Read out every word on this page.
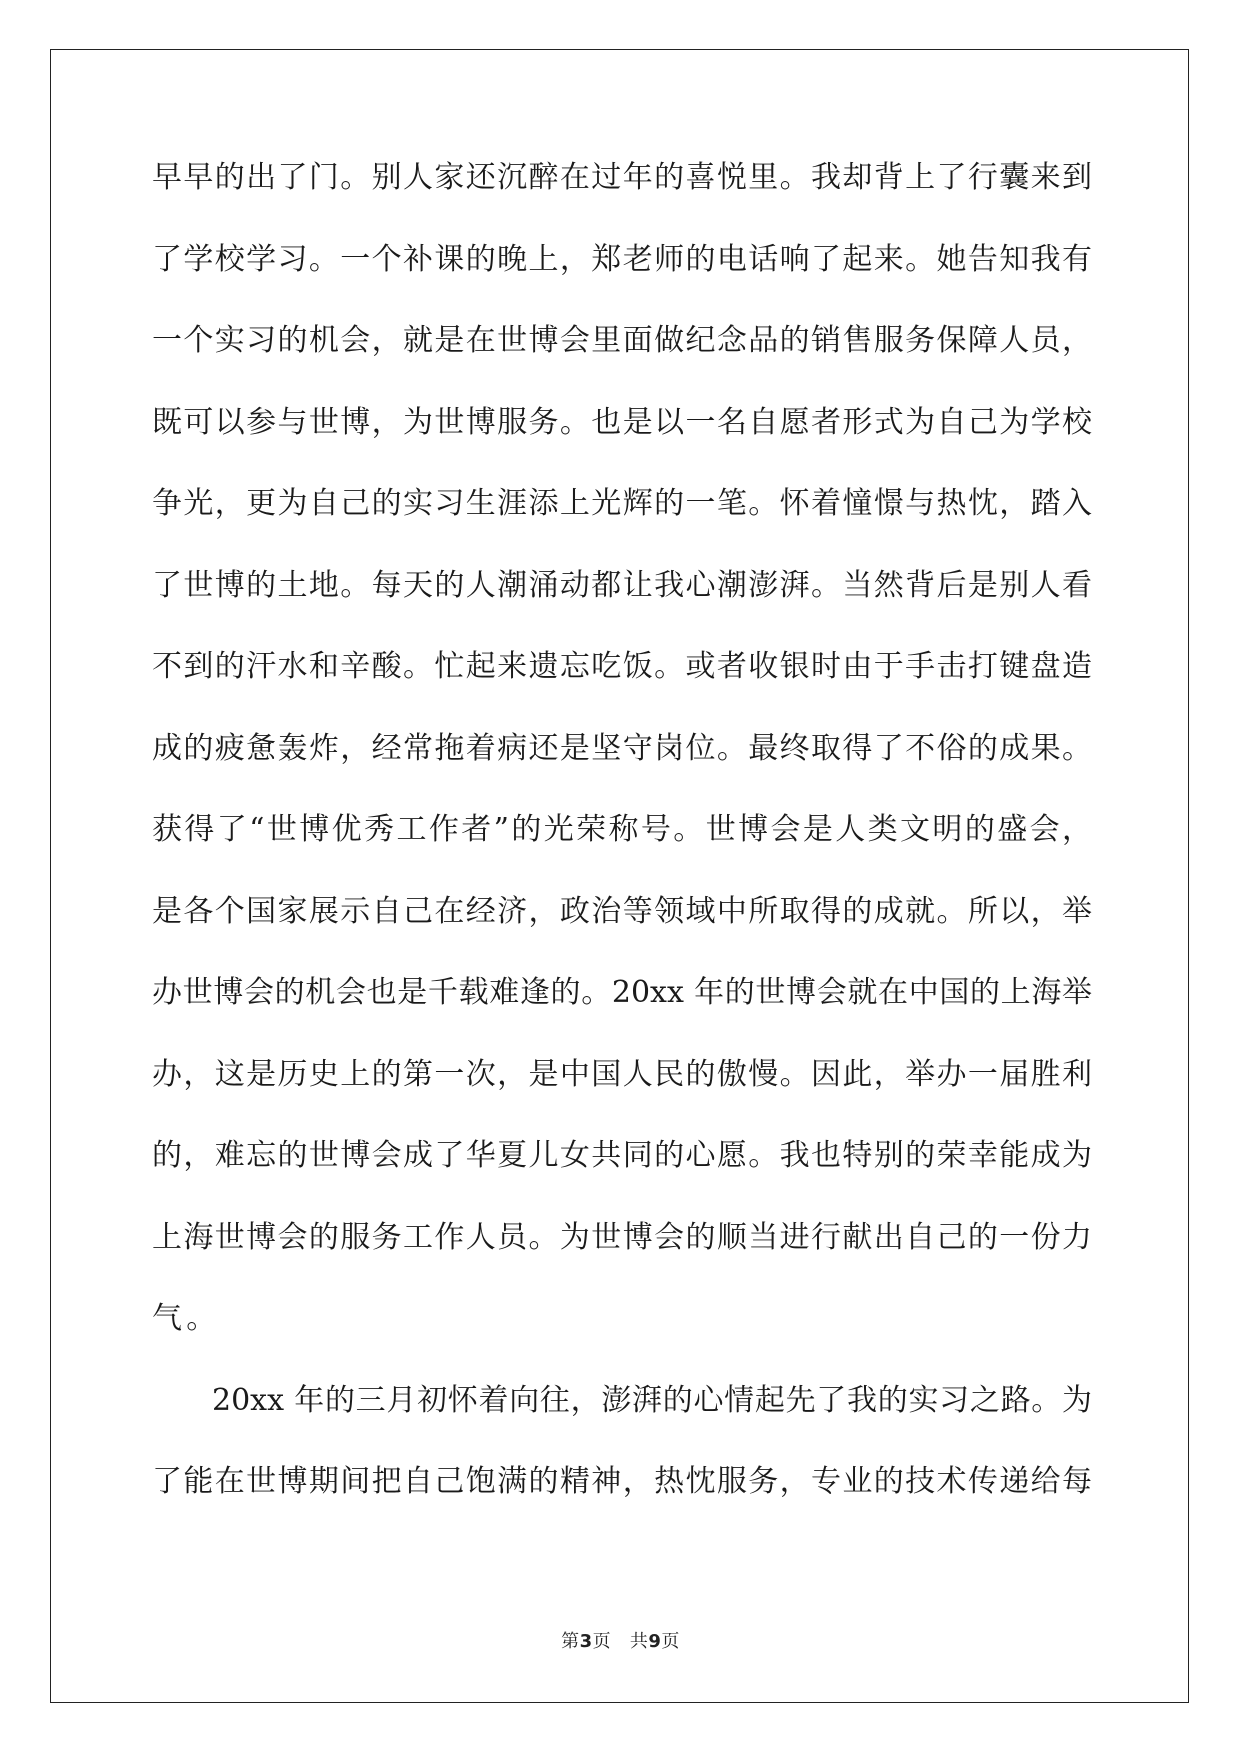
早早的出了门。别人家还沉醉在过年的喜悦里。我却背上了行囊来到
了学校学习。一个补课的晚上，郑老师的电话响了起来。她告知我有
一个实习的机会，就是在世博会里面做纪念品的销售服务保障人员，
既可以参与世博，为世博服务。也是以一名自愿者形式为自己为学校
争光，更为自己的实习生涯添上光辉的一笔。怀着憧憬与热忱，踏入
了世博的土地。每天的人潮涌动都让我心潮澎湃。当然背后是别人看
不到的汗水和辛酸。忙起来遗忘吃饭。或者收银时由于手击打键盘造
成的疲惫轰炸，经常拖着病还是坚守岗位。最终取得了不俗的成果。
获得了“世博优秀工作者”的光荣称号。世博会是人类文明的盛会，
是各个国家展示自己在经济，政治等领域中所取得的成就。所以，举
办世博会的机会也是千载难逢的。20xx 年的世博会就在中国的上海举
办，这是历史上的第一次，是中国人民的傲慢。因此，举办一届胜利
的，难忘的世博会成了华夏儿女共同的心愿。我也特别的荣幸能成为
上海世博会的服务工作人员。为世博会的顺当进行献出自己的一份力
气。
20xx 年的三月初怀着向往，澎湃的心情起先了我的实习之路。为
了能在世博期间把自己饱满的精神，热忱服务，专业的技术传递给每
第3页 共9页
